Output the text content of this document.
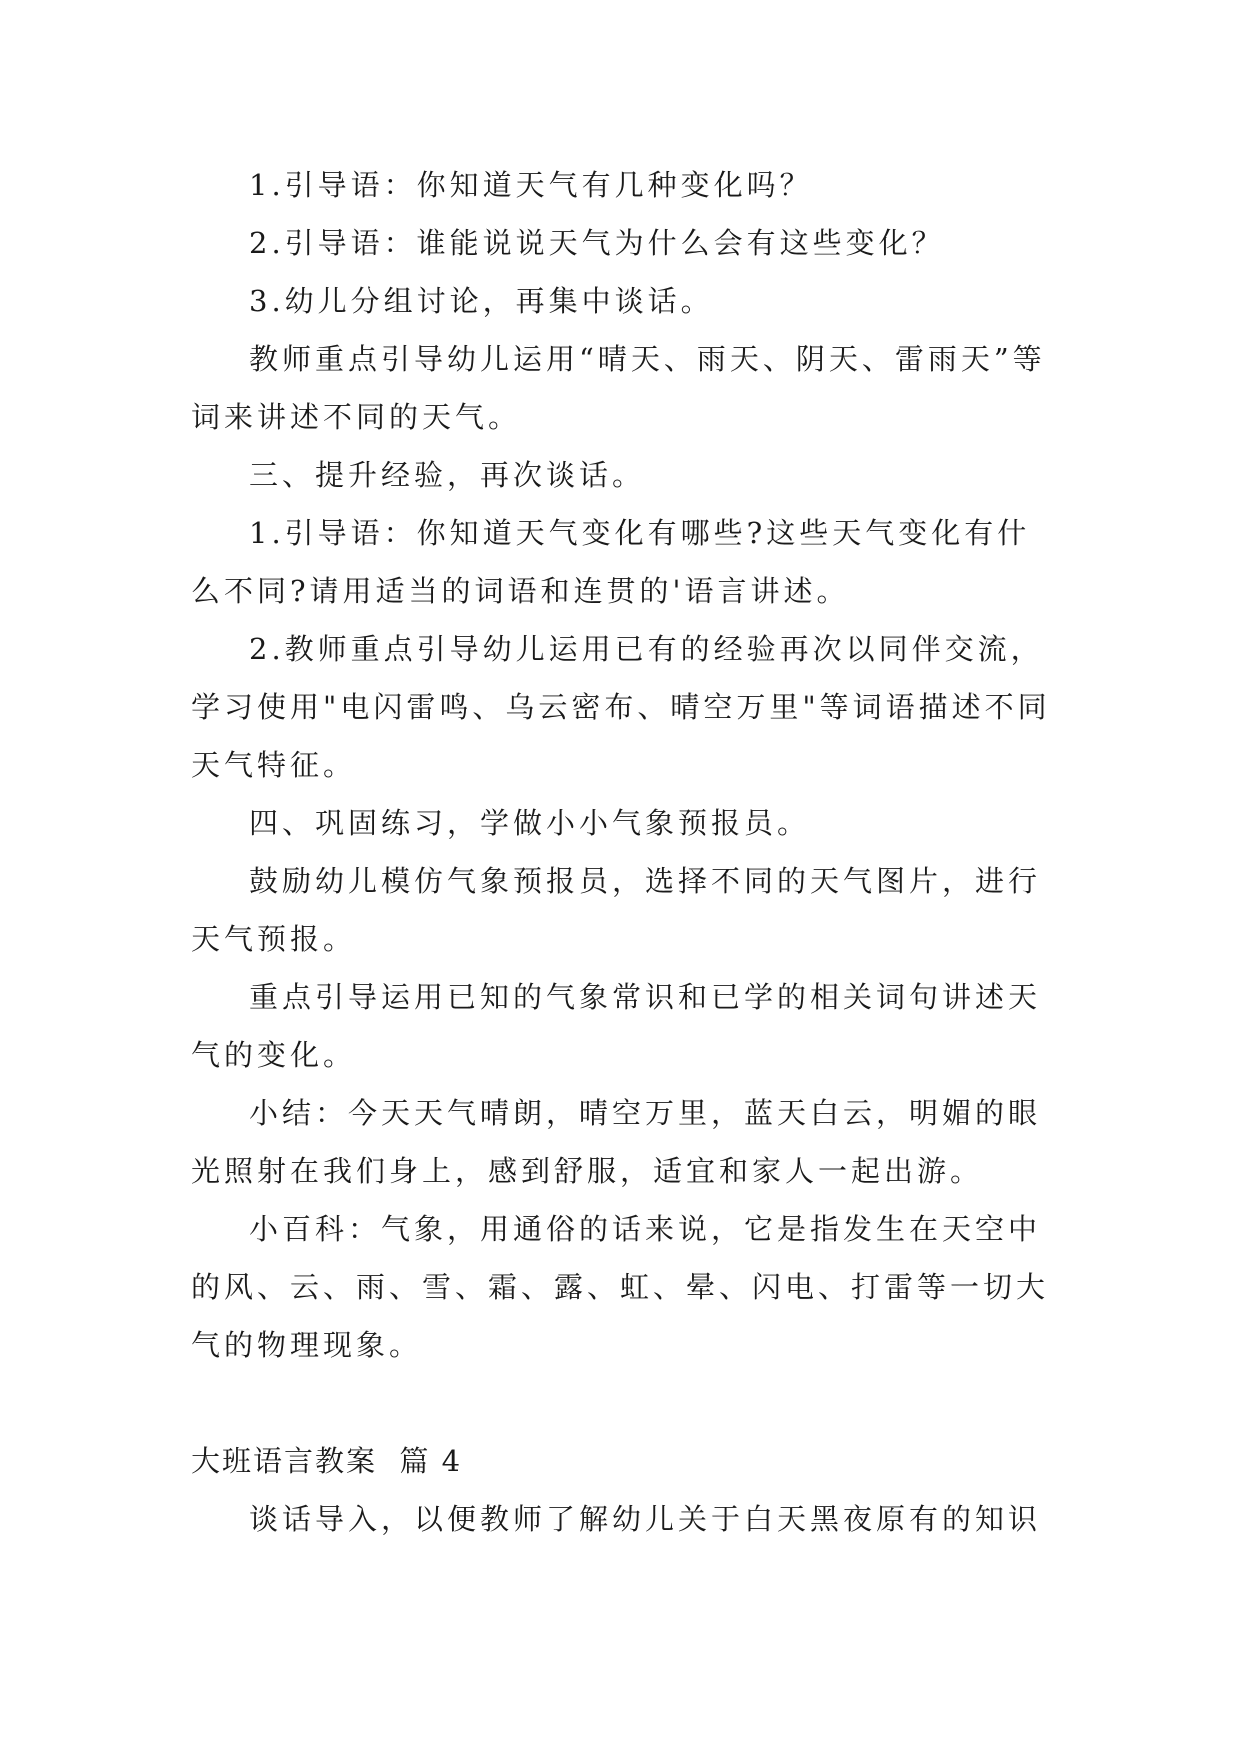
1.引导语：你知道天气有几种变化吗？

2.引导语：谁能说说天气为什么会有这些变化？

3.幼儿分组讨论，再集中谈话。

教师重点引导幼儿运用“晴天、雨天、阴天、雷雨天”等词来讲述不同的天气。

三、提升经验，再次谈话。

1.引导语：你知道天气变化有哪些?这些天气变化有什么不同?请用适当的词语和连贯的'语言讲述。

2.教师重点引导幼儿运用已有的经验再次以同伴交流，学习使用"电闪雷鸣、乌云密布、晴空万里"等词语描述不同天气特征。

四、巩固练习，学做小小气象预报员。

鼓励幼儿模仿气象预报员，选择不同的天气图片，进行天气预报。

重点引导运用已知的气象常识和已学的相关词句讲述天气的变化。

小结：今天天气晴朗，晴空万里，蓝天白云，明媚的眼光照射在我们身上，感到舒服，适宜和家人一起出游。

小百科：气象，用通俗的话来说，它是指发生在天空中的风、云、雨、雪、霜、露、虹、晕、闪电、打雷等一切大气的物理现象。

大班语言教案  篇 4

谈话导入，以便教师了解幼儿关于白天黑夜原有的知识
